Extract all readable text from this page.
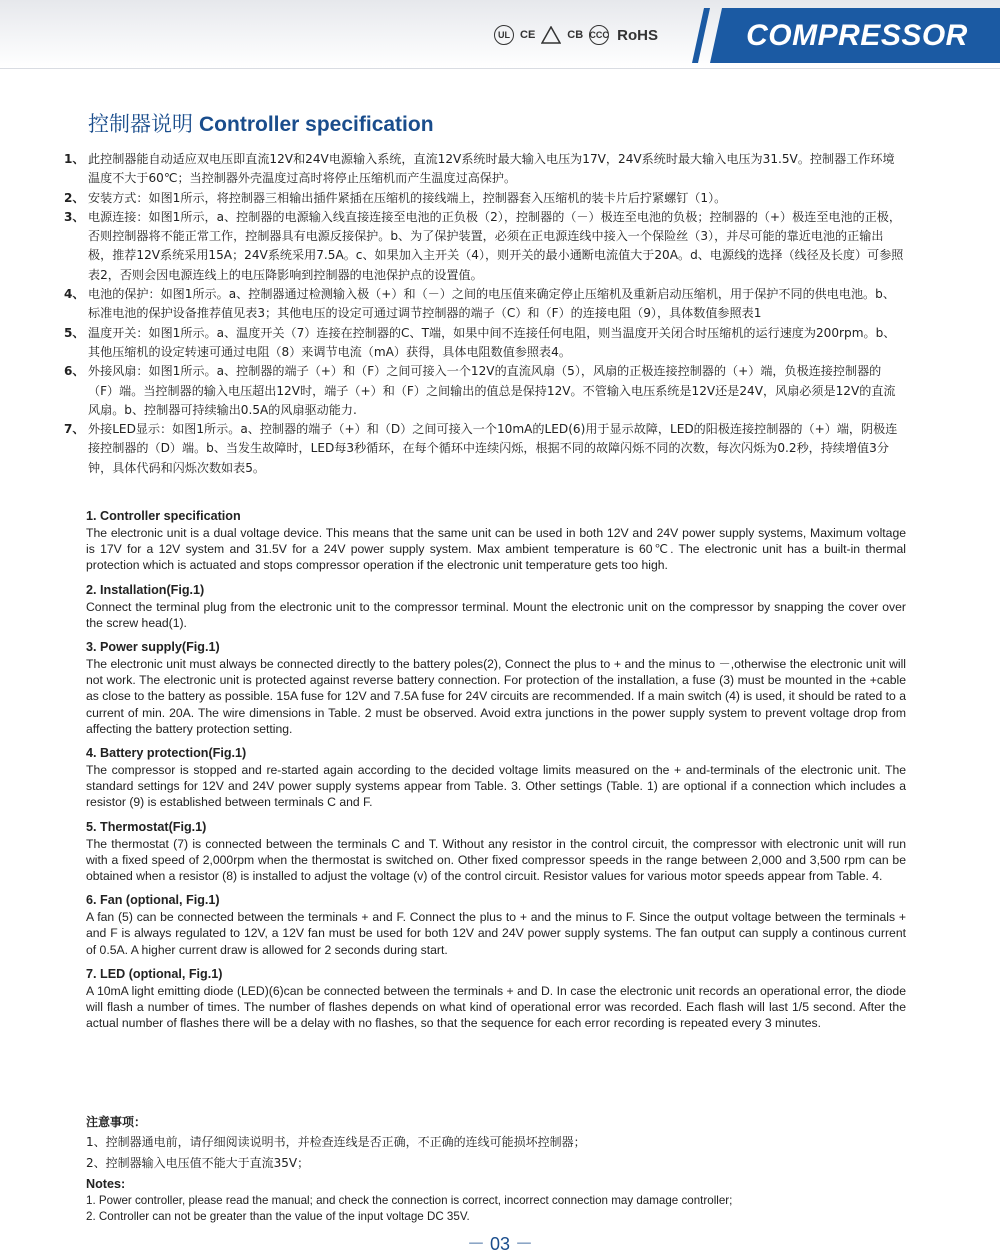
UL CE	CB CCC RoHS	COMPRESSOR
控制器说明 Controller specification
1、 此控制器能自动适应双电压即直流12V和24V电源输入系统，直流12V系统时最大输入电压为17V，24V系统时最大输入电压为31.5V。控制器工作环境温度不大于60℃；当控制器外壳温度过高时将停止压缩机而产生温度过高保护。
2、 安装方式：如图1所示，将控制器三相输出插件紧插在压缩机的接线端上，控制器套入压缩机的装卡片后拧紧螺钉（1）。
3、 电源连接：如图1所示，a、控制器的电源输入线直接连接至电池的正负极（2），控制器的（－）极连至电池的负极；控制器的（+）极连至电池的正极，否则控制器将不能正常工作，控制器具有电源反接保护。b、为了保护装置，必须在正电源连线中接入一个保险丝（3），并尽可能的靠近电池的正输出极，推荐12V系统采用15A；24V系统采用7.5A。c、如果加入主开关（4），则开关的最小通断电流值大于20A。d、电源线的选择（线径及长度）可参照表2，否则会因电源连线上的电压降影响到控制器的电池保护点的设置值。
4、 电池的保护：如图1所示。a、控制器通过检测输入极（+）和（－）之间的电压值来确定停止压缩机及重新启动压缩机，用于保护不同的供电电池。b、标准电池的保护设备推荐值见表3；其他电压的设定可通过调节控制器的端子（C）和（F）的连接电阻（9），具体数值参照表1
5、 温度开关：如图1所示。a、温度开关（7）连接在控制器的C、T端，如果中间不连接任何电阻，则当温度开关闭合时压缩机的运行速度为200rpm。b、其他压缩机的设定转速可通过电阻（8）来调节电流（mA）获得，具体电阻数值参照表4。
6、 外接风扇：如图1所示。a、控制器的端子（+）和（F）之间可接入一个12V的直流风扇（5），风扇的正极连接控制器的（+）端，负极连接控制器的（F）端。当控制器的输入电压超出12V时，端子（+）和（F）之间输出的值总是保持12V。不管输入电压系统是12V还是24V，风扇必须是12V的直流风扇。b、控制器可持续输出0.5A的风扇驱动能力.
7、 外接LED显示：如图1所示。a、控制器的端子（+）和（D）之间可接入一个10mA的LED(6)用于显示故障，LED的阳极连接控制器的（+）端，阴极连接控制器的（D）端。b、当发生故障时，LED每3秒循环，在每个循环中连续闪烁，根据不同的故障闪烁不同的次数，每次闪烁为0.2秒，持续增值3分钟，具体代码和闪烁次数如表5。
1. Controller specification

The electronic unit is a dual voltage device. This means that the same unit can be used in both 12V and 24V power supply systems, Maximum voltage is 17V for a 12V system and 31.5V for a 24V power supply system. Max ambient temperature is 60℃. The electronic unit has a built-in thermal protection which is actuated and stops compressor operation if the electronic unit temperature gets too high.

2. Installation(Fig.1)

Connect the terminal plug from the electronic unit to the compressor terminal. Mount the electronic unit on the compressor by snapping the cover over the screw head(1).

3. Power supply(Fig.1)

The electronic unit must always be connected directly to the battery poles(2), Connect the plus to + and the minus to －,otherwise the electronic unit will not work. The electronic unit is protected against reverse battery connection. For protection of the installation, a fuse (3) must be mounted in the +cable as close to the battery as possible. 15A fuse for 12V and 7.5A fuse for 24V circuits are recommended. If a main switch (4) is used, it should be rated to a current of min. 20A. The wire dimensions in Table. 2 must be observed. Avoid extra junctions in the power supply system to prevent voltage drop from affecting the battery protection setting.

4. Battery protection(Fig.1)

The compressor is stopped and re-started again according to the decided voltage limits measured on the + and-terminals of the electronic unit. The standard settings for 12V and 24V power supply systems appear from Table. 3. Other settings (Table. 1) are optional if a connection which includes a resistor (9) is established between terminals C and F.

5. Thermostat(Fig.1)

The thermostat (7) is connected between the terminals C and T. Without any resistor in the control circuit, the compressor with electronic unit will run with a fixed speed of 2,000rpm when the thermostat is switched on. Other fixed compressor speeds in the range between 2,000 and 3,500 rpm can be obtained when a resistor (8) is installed to adjust the voltage (v) of the control circuit. Resistor values for various motor speeds appear from Table. 4.

6. Fan (optional, Fig.1)

A fan (5) can be connected between the terminals + and F. Connect the plus to + and the minus to F. Since the output voltage between the terminals + and F is always regulated to 12V, a 12V fan must be used for both 12V and 24V power supply systems. The fan output can supply a continous current of 0.5A. A higher current draw is allowed for 2 seconds during start.

7. LED (optional, Fig.1)

A 10mA light emitting diode (LED)(6)can be connected between the terminals + and D. In case the electronic unit records an operational error, the diode will flash a number of times. The number of flashes depends on what kind of operational error was recorded. Each flash will last 1/5 second. After the actual number of flashes there will be a delay with no flashes, so that the sequence for each error recording is repeated every 3 minutes.

注意事项：
1、控制器通电前，请仔细阅读说明书，并检查连线是否正确，不正确的连线可能损坏控制器；
2、控制器输入电压值不能大于直流35V；
Notes:
1. Power controller, please read the manual; and check the connection is correct, incorrect connection may damage controller;
2. Controller can not be greater than the value of the input voltage DC 35V.
－ 03 －
